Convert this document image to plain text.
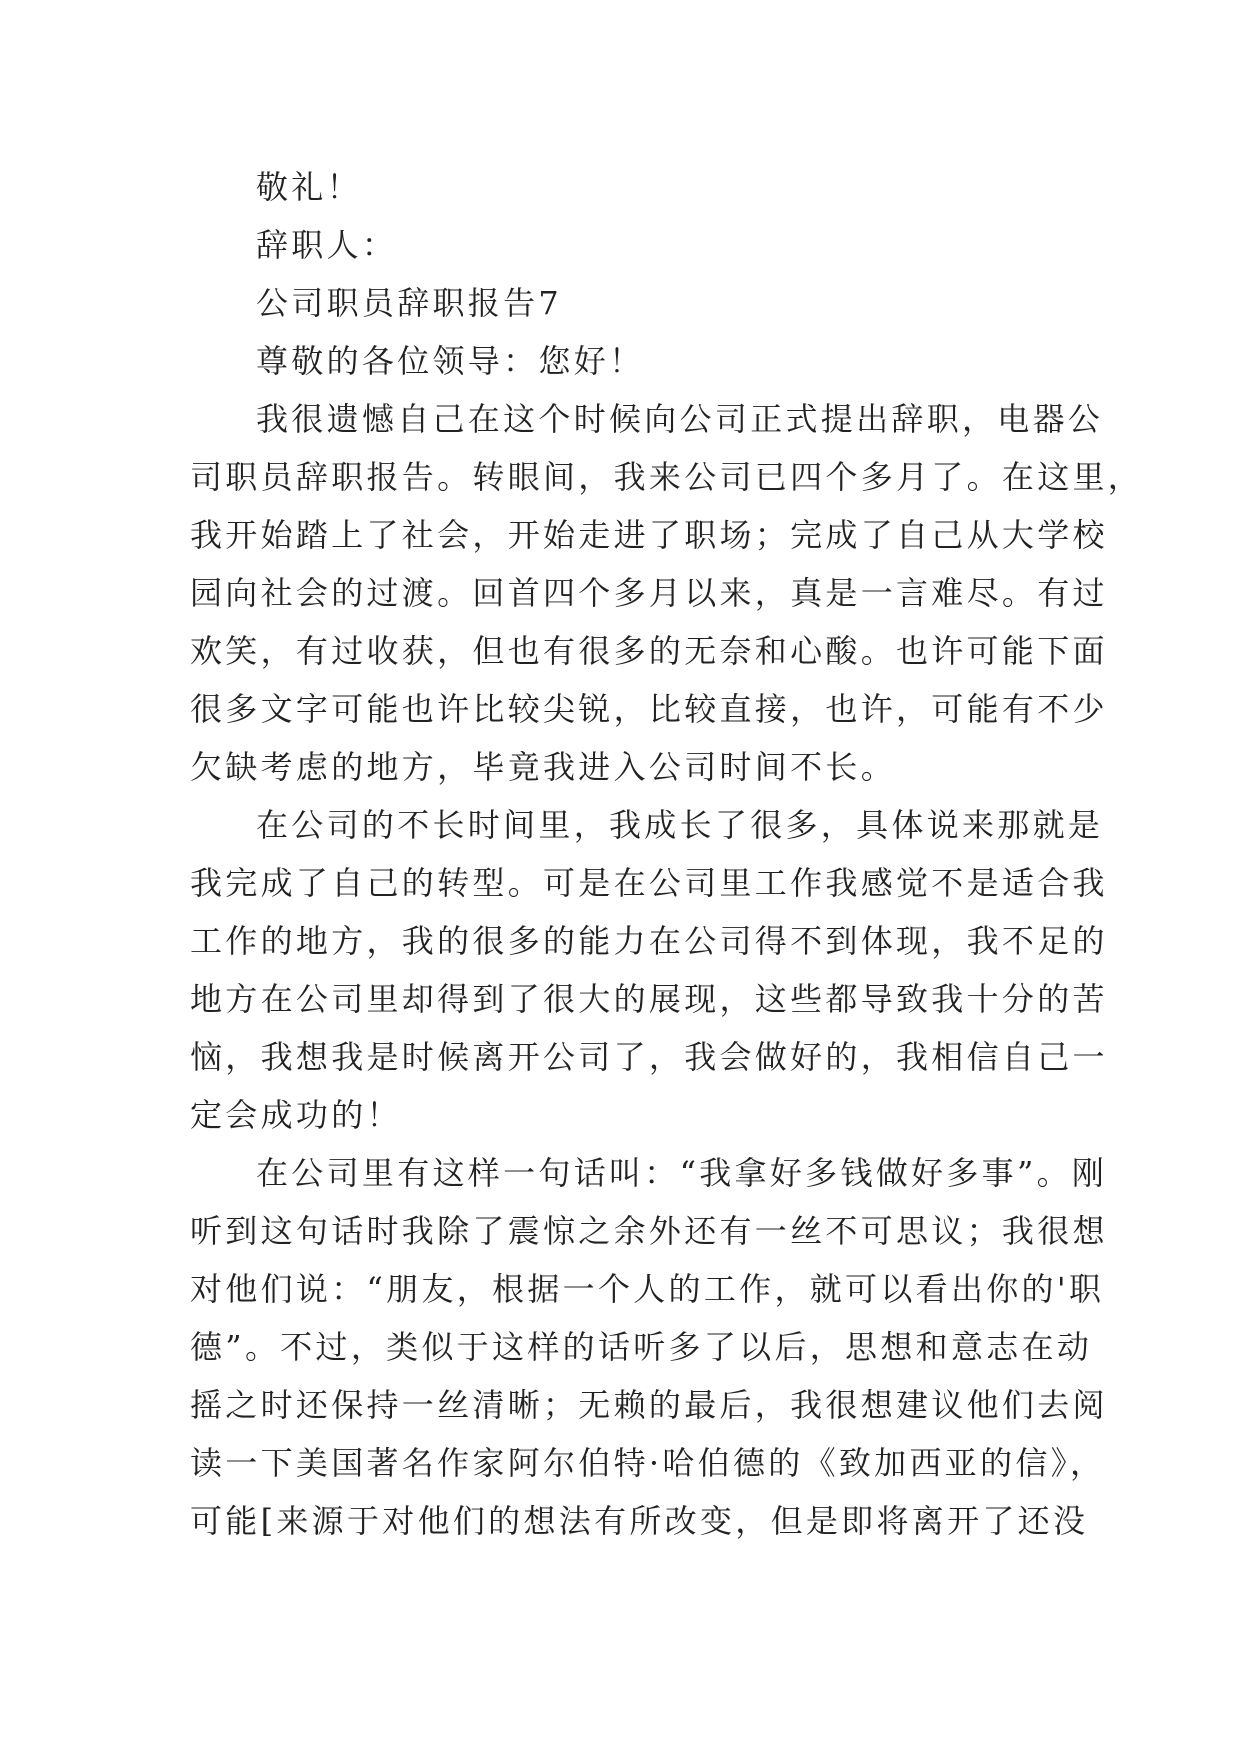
敬礼！
辞职人：
公司职员辞职报告7
尊敬的各位领导：您好！
我很遗憾自己在这个时候向公司正式提出辞职，电器公
司职员辞职报告。转眼间，我来公司已四个多月了。在这里，
我开始踏上了社会，开始走进了职场；完成了自己从大学校
园向社会的过渡。回首四个多月以来，真是一言难尽。有过
欢笑，有过收获，但也有很多的无奈和心酸。也许可能下面
很多文字可能也许比较尖锐，比较直接，也许，可能有不少
欠缺考虑的地方，毕竟我进入公司时间不长。
在公司的不长时间里，我成长了很多，具体说来那就是
我完成了自己的转型。可是在公司里工作我感觉不是适合我
工作的地方，我的很多的能力在公司得不到体现，我不足的
地方在公司里却得到了很大的展现，这些都导致我十分的苦
恼，我想我是时候离开公司了，我会做好的，我相信自己一
定会成功的！
在公司里有这样一句话叫：“我拿好多钱做好多事”。刚
听到这句话时我除了震惊之余外还有一丝不可思议；我很想
对他们说：“朋友，根据一个人的工作，就可以看出你的'职
德”。不过，类似于这样的话听多了以后，思想和意志在动
摇之时还保持一丝清晰；无赖的最后，我很想建议他们去阅
读一下美国著名作家阿尔伯特·哈伯德的《致加西亚的信》，
可能[来源于对他们的想法有所改变，但是即将离开了还没
